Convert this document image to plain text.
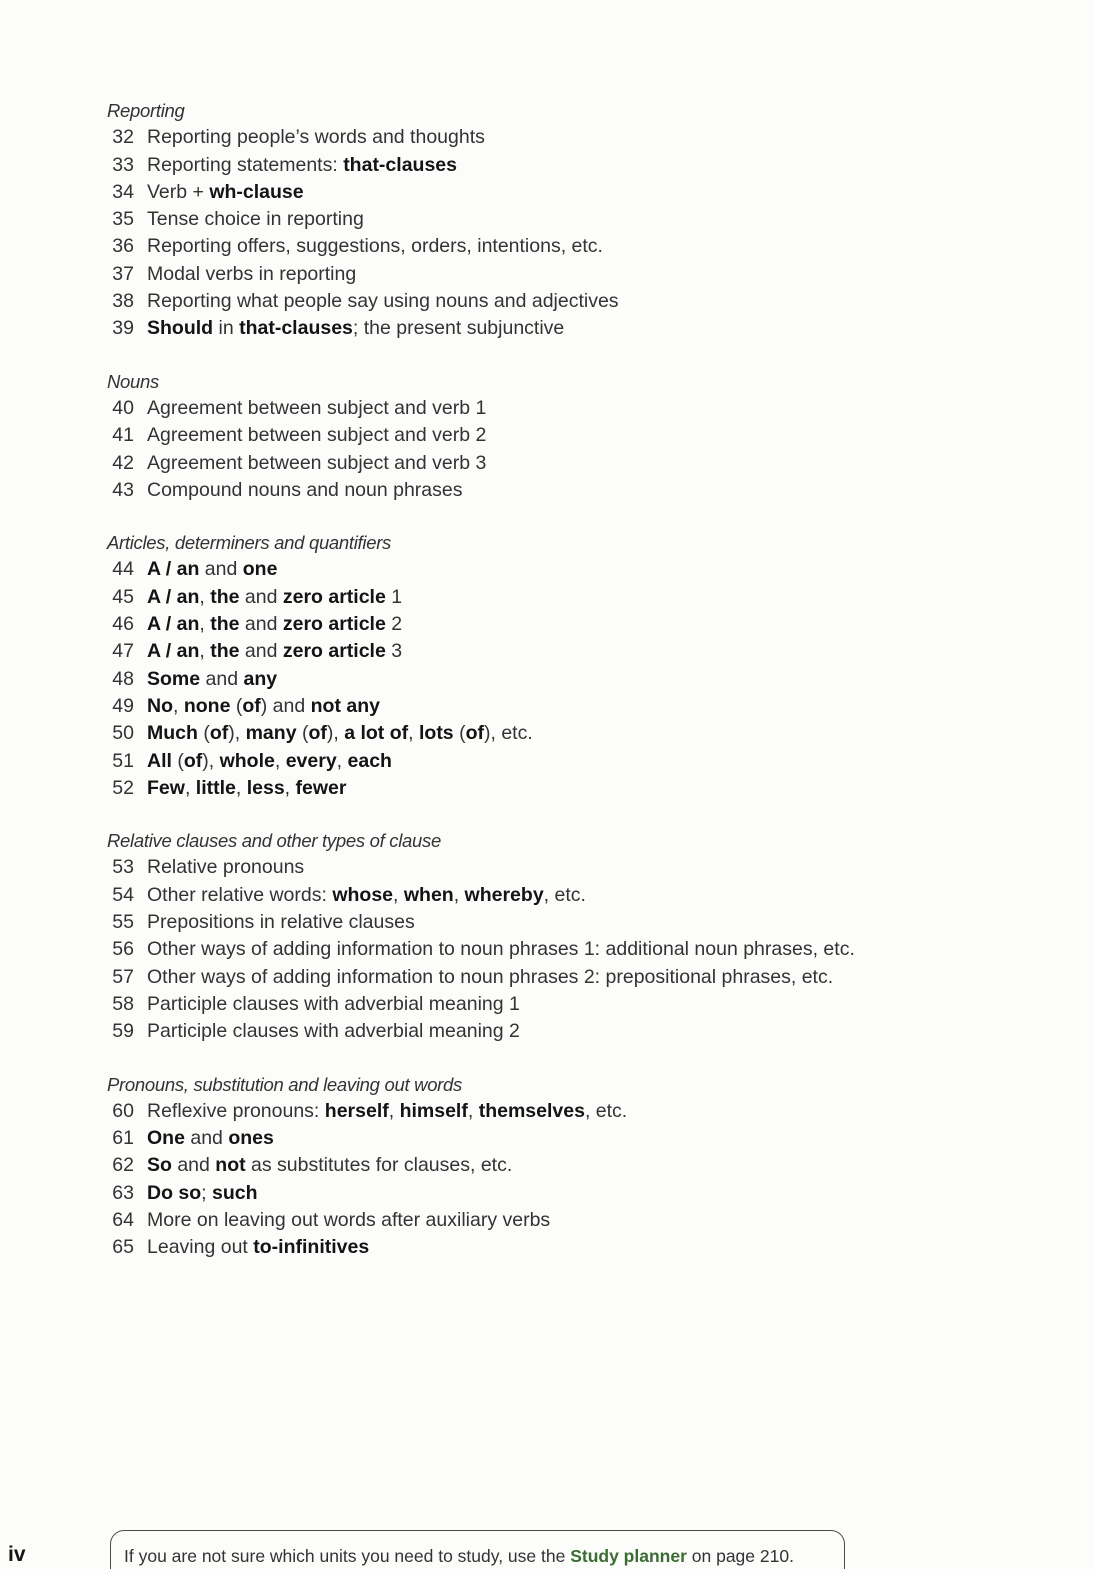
Reporting
32 Reporting people’s words and thoughts
33 Reporting statements: that-clauses
34 Verb + wh-clause
35 Tense choice in reporting
36 Reporting offers, suggestions, orders, intentions, etc.
37 Modal verbs in reporting
38 Reporting what people say using nouns and adjectives
39 Should in that-clauses; the present subjunctive
Nouns
40 Agreement between subject and verb 1
41 Agreement between subject and verb 2
42 Agreement between subject and verb 3
43 Compound nouns and noun phrases
Articles, determiners and quantifiers
44 A / an and one
45 A / an, the and zero article 1
46 A / an, the and zero article 2
47 A / an, the and zero article 3
48 Some and any
49 No, none (of) and not any
50 Much (of), many (of), a lot of, lots (of), etc.
51 All (of), whole, every, each
52 Few, little, less, fewer
Relative clauses and other types of clause
53 Relative pronouns
54 Other relative words: whose, when, whereby, etc.
55 Prepositions in relative clauses
56 Other ways of adding information to noun phrases 1: additional noun phrases, etc.
57 Other ways of adding information to noun phrases 2: prepositional phrases, etc.
58 Participle clauses with adverbial meaning 1
59 Participle clauses with adverbial meaning 2
Pronouns, substitution and leaving out words
60 Reflexive pronouns: herself, himself, themselves, etc.
61 One and ones
62 So and not as substitutes for clauses, etc.
63 Do so; such
64 More on leaving out words after auxiliary verbs
65 Leaving out to-infinitives
iv	If you are not sure which units you need to study, use the Study planner on page 210.
